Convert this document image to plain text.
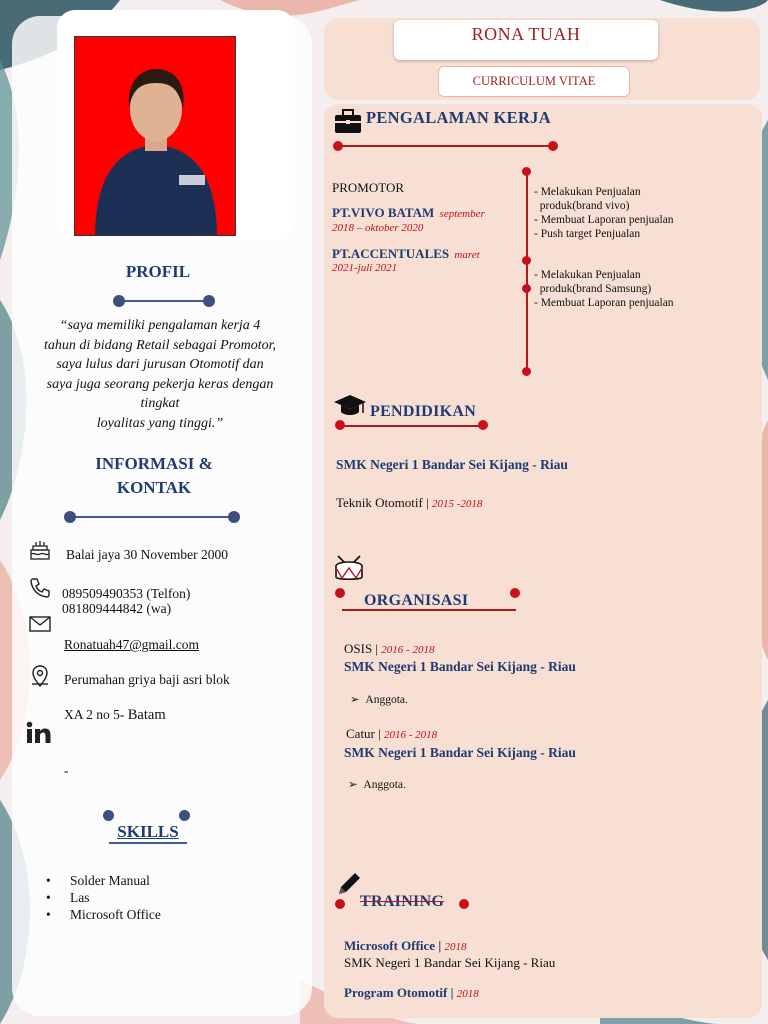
PROFIL
“saya memiliki pengalaman kerja 4
tahun di bidang Retail sebagai Promotor,
saya lulus dari jurusan Otomotif dan
saya juga seorang pekerja keras dengan
tingkat
loyalitas yang tinggi.”
INFORMASI &
KONTAK
Balai jaya 30 November 2000
089509490353 (Telfon)
081809444842 (wa)
Ronatuah47@gmail.com
Perumahan griya baji asri blok
XA 2 no 5- Batam
-
SKILLS
• Solder Manual
• Las
• Microsoft Office
RONA TUAH
CURRICULUM VITAE
PENGALAMAN KERJA
PROMOTOR
PT.VIVO BATAM september
2018 – oktober 2020
PT.ACCENTUALES maret
2021-juli 2021
- Melakukan Penjualan
produk(brand vivo)
- Membuat Laporan penjualan
- Push target Penjualan
- Melakukan Penjualan
produk(brand Samsung)
- Membuat Laporan penjualan
PENDIDIKAN
SMK Negeri 1 Bandar Sei Kijang - Riau
Teknik Otomotif | 2015 -2018
ORGANISASI
OSIS | 2016 - 2018
SMK Negeri 1 Bandar Sei Kijang - Riau
➢ Anggota.
Catur | 2016 - 2018
SMK Negeri 1 Bandar Sei Kijang - Riau
➢ Anggota.
TRAINING
Microsoft Office | 2018
SMK Negeri 1 Bandar Sei Kijang - Riau
Program Otomotif | 2018
